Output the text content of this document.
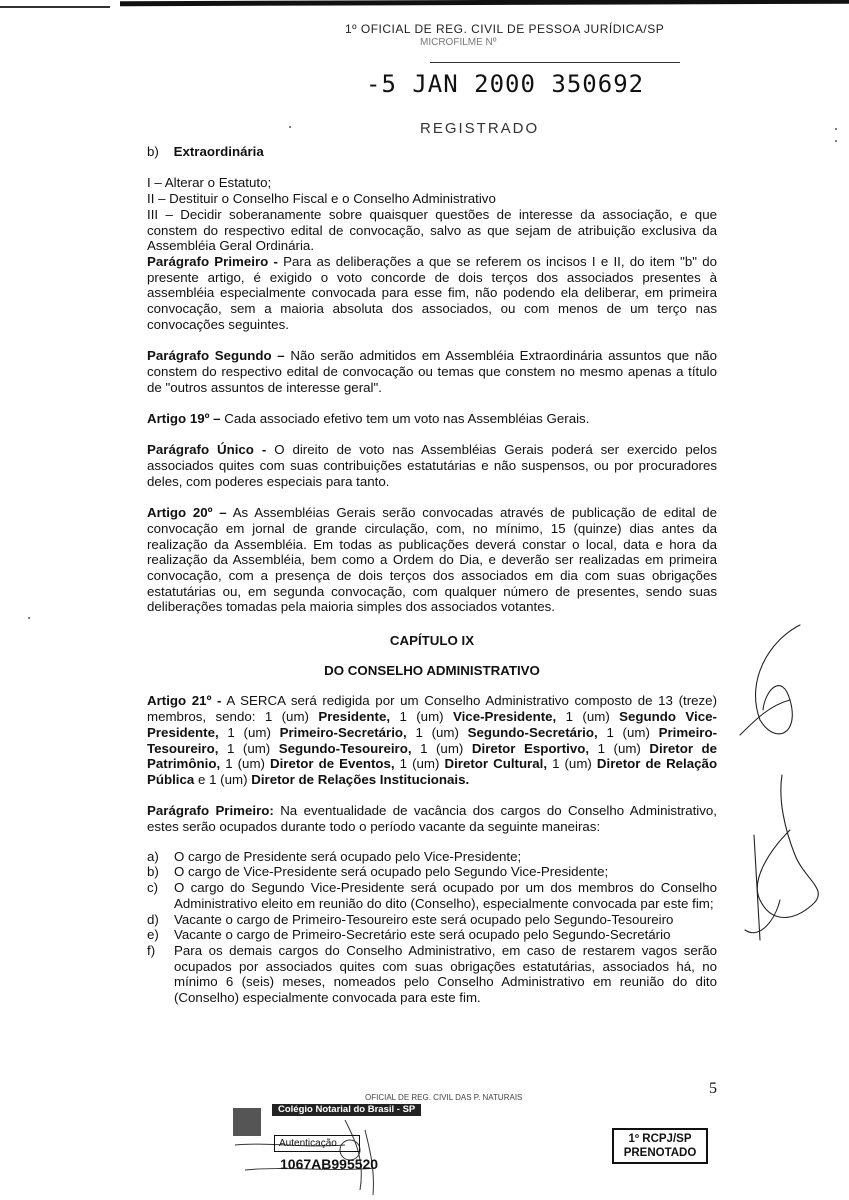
1º OFICIAL DE REG. CIVIL DE PESSOA JURÍDICA/SP
MICROFILME Nº
-5 JAN 2000 350692
REGISTRADO

b) Extraordinária

I – Alterar o Estatuto;

II – Destituir o Conselho Fiscal e o Conselho Administrativo

III – Decidir soberanamente sobre quaisquer questões de interesse da associação, e que constem do respectivo edital de convocação, salvo as que sejam de atribuição exclusiva da Assembléia Geral Ordinária.

Parágrafo Primeiro - Para as deliberações a que se referem os incisos I e II, do item "b" do presente artigo, é exigido o voto concorde de dois terços dos associados presentes à assembléia especialmente convocada para esse fim, não podendo ela deliberar, em primeira convocação, sem a maioria absoluta dos associados, ou com menos de um terço nas convocações seguintes.

Parágrafo Segundo – Não serão admitidos em Assembléia Extraordinária assuntos que não constem do respectivo edital de convocação ou temas que constem no mesmo apenas a título de "outros assuntos de interesse geral".

Artigo 19º – Cada associado efetivo tem um voto nas Assembléias Gerais.

Parágrafo Único - O direito de voto nas Assembléias Gerais poderá ser exercido pelos associados quites com suas contribuições estatutárias e não suspensos, ou por procuradores deles, com poderes especiais para tanto.

Artigo 20º – As Assembléias Gerais serão convocadas através de publicação de edital de convocação em jornal de grande circulação, com, no mínimo, 15 (quinze) dias antes da realização da Assembléia. Em todas as publicações deverá constar o local, data e hora da realização da Assembléia, bem como a Ordem do Dia, e deverão ser realizadas em primeira convocação, com a presença de dois terços dos associados em dia com suas obrigações estatutárias ou, em segunda convocação, com qualquer número de presentes, sendo suas deliberações tomadas pela maioria simples dos associados votantes.

CAPÍTULO IX

DO CONSELHO ADMINISTRATIVO

Artigo 21º - A SERCA será redigida por um Conselho Administrativo composto de 13 (treze) membros, sendo: 1 (um) Presidente, 1 (um) Vice-Presidente, 1 (um) Segundo Vice-Presidente, 1 (um) Primeiro-Secretário, 1 (um) Segundo-Secretário, 1 (um) Primeiro-Tesoureiro, 1 (um) Segundo-Tesoureiro, 1 (um) Diretor Esportivo, 1 (um) Diretor de Patrimônio, 1 (um) Diretor de Eventos, 1 (um) Diretor Cultural, 1 (um) Diretor de Relação Pública e 1 (um) Diretor de Relações Institucionais.

Parágrafo Primeiro: Na eventualidade de vacância dos cargos do Conselho Administrativo, estes serão ocupados durante todo o período vacante da seguinte maneiras:

a) O cargo de Presidente será ocupado pelo Vice-Presidente;
b) O cargo de Vice-Presidente será ocupado pelo Segundo Vice-Presidente;
c) O cargo do Segundo Vice-Presidente será ocupado por um dos membros do Conselho Administrativo eleito em reunião do dito (Conselho), especialmente convocada par este fim;
d) Vacante o cargo de Primeiro-Tesoureiro este será ocupado pelo Segundo-Tesoureiro
e) Vacante o cargo de Primeiro-Secretário este será ocupado pelo Segundo-Secretário
f) Para os demais cargos do Conselho Administrativo, em caso de restarem vagos serão ocupados por associados quites com suas obrigações estatutárias, associados há, no mínimo 6 (seis) meses, nomeados pelo Conselho Administrativo em reunião do dito (Conselho) especialmente convocada para este fim.
5
Colégio Notarial do Brasil - SP
Autenticação
1067AB995520
OFICIAL DE REG. CIVIL DAS P. NATURAIS
1º RCPJ/SP
PRENOTADO
